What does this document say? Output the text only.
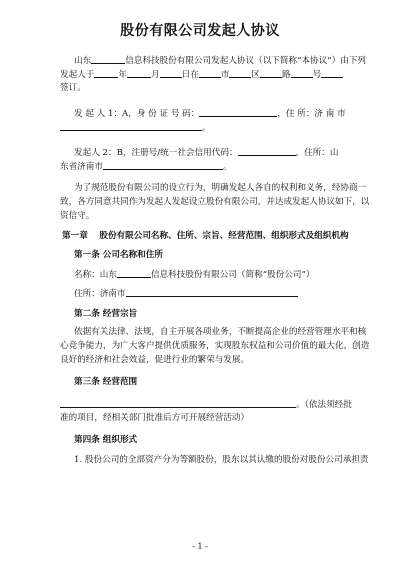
股份有限公司发起人协议
山东	信息科技股份有限公司发起人协议（以下简称“本协议”）由下列
发起人于	年	月	日在	市	区	路	号
签订。
发 起 人 1：A，身 份 证 号 码：	，住 所：济 南 市
。
发起人 2：B，注册号/统一社会信用代码：	，住所：山
东省济南市	。
为了规范股份有限公司的设立行为，明确发起人各自的权利和义务，经协商一
致，各方同意共同作为发起人发起设立股份有限公司，并达成发起人协议如下，以
资信守。
第一章　 股份有限公司名称、住所、宗旨、经营范围、组织形式及组织机构
第一条 公司名称和住所
名称：山东	信息科技股份有限公司（简称“股份公司”）
住所：济南市
第二条 经营宗旨
依据有关法律、法规，自主开展各项业务，不断提高企业的经营管理水平和核
心竞争能力，为广大客户提供优质服务，实现股东权益和公司价值的最大化，创造
良好的经济和社会效益，促进行业的繁荣与发展。
第三条 经营范围
。（依法须经批
准的项目，经相关部门批准后方可开展经营活动）
第四条 组织形式
1. 股份公司的全部资产分为等额股份，股东以其认缴的股份对股份公司承担责
- 1 -
